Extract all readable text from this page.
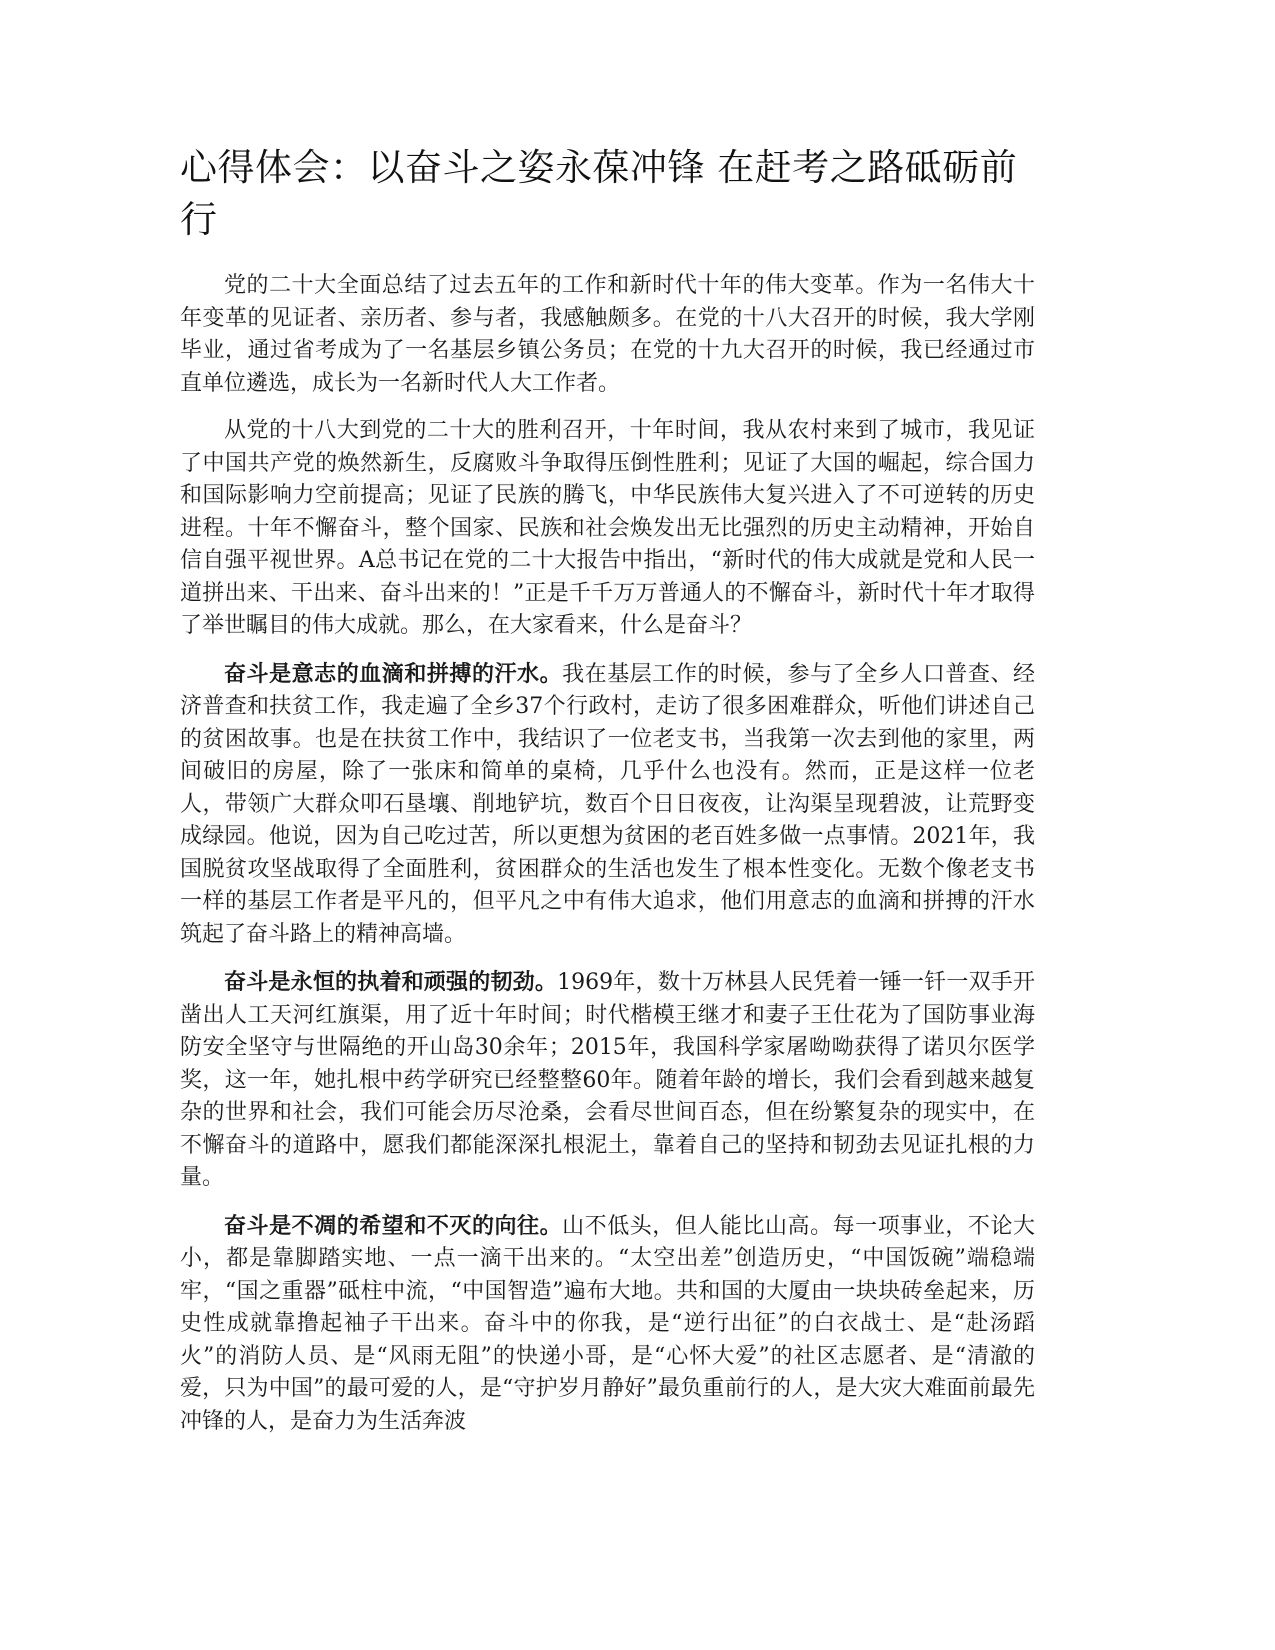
心得体会：以奋斗之姿永葆冲锋 在赶考之路砥砺前行

党的二十大全面总结了过去五年的工作和新时代十年的伟大变革。作为一名伟大十年变革的见证者、亲历者、参与者，我感触颇多。在党的十八大召开的时候，我大学刚毕业，通过省考成为了一名基层乡镇公务员；在党的十九大召开的时候，我已经通过市直单位遴选，成长为一名新时代人大工作者。

从党的十八大到党的二十大的胜利召开，十年时间，我从农村来到了城市，我见证了中国共产党的焕然新生，反腐败斗争取得压倒性胜利；见证了大国的崛起，综合国力和国际影响力空前提高；见证了民族的腾飞，中华民族伟大复兴进入了不可逆转的历史进程。十年不懈奋斗，整个国家、民族和社会焕发出无比强烈的历史主动精神，开始自信自强平视世界。A总书记在党的二十大报告中指出，“新时代的伟大成就是党和人民一道拼出来、干出来、奋斗出来的！”正是千千万万普通人的不懈奋斗，新时代十年才取得了举世瞩目的伟大成就。那么，在大家看来，什么是奋斗？

奋斗是意志的血滴和拼搏的汗水。我在基层工作的时候，参与了全乡人口普查、经济普查和扶贫工作，我走遍了全乡37个行政村，走访了很多困难群众，听他们讲述自己的贫困故事。也是在扶贫工作中，我结识了一位老支书，当我第一次去到他的家里，两间破旧的房屋，除了一张床和简单的桌椅，几乎什么也没有。然而，正是这样一位老人，带领广大群众叩石垦壤、削地铲坑，数百个日日夜夜，让沟渠呈现碧波，让荒野变成绿园。他说，因为自己吃过苦，所以更想为贫困的老百姓多做一点事情。2021年，我国脱贫攻坚战取得了全面胜利，贫困群众的生活也发生了根本性变化。无数个像老支书一样的基层工作者是平凡的，但平凡之中有伟大追求，他们用意志的血滴和拼搏的汗水筑起了奋斗路上的精神高墙。

奋斗是永恒的执着和顽强的韧劲。1969年，数十万林县人民凭着一锤一钎一双手开凿出人工天河红旗渠，用了近十年时间；时代楷模王继才和妻子王仕花为了国防事业海防安全坚守与世隔绝的开山岛30余年；2015年，我国科学家屠呦呦获得了诺贝尔医学奖，这一年，她扎根中药学研究已经整整60年。随着年龄的增长，我们会看到越来越复杂的世界和社会，我们可能会历尽沧桑，会看尽世间百态，但在纷繁复杂的现实中，在不懈奋斗的道路中，愿我们都能深深扎根泥土，靠着自己的坚持和韧劲去见证扎根的力量。

奋斗是不凋的希望和不灭的向往。山不低头，但人能比山高。每一项事业，不论大小，都是靠脚踏实地、一点一滴干出来的。“太空出差”创造历史，“中国饭碗”端稳端牢，“国之重器”砥柱中流，“中国智造”遍布大地。共和国的大厦由一块块砖垒起来，历史性成就靠撸起袖子干出来。奋斗中的你我，是“逆行出征”的白衣战士、是“赴汤蹈火”的消防人员、是“风雨无阻”的快递小哥，是“心怀大爱”的社区志愿者、是“清澈的爱，只为中国”的最可爱的人，是“守护岁月静好”最负重前行的人，是大灾大难面前最先冲锋的人，是奋力为生活奔波
